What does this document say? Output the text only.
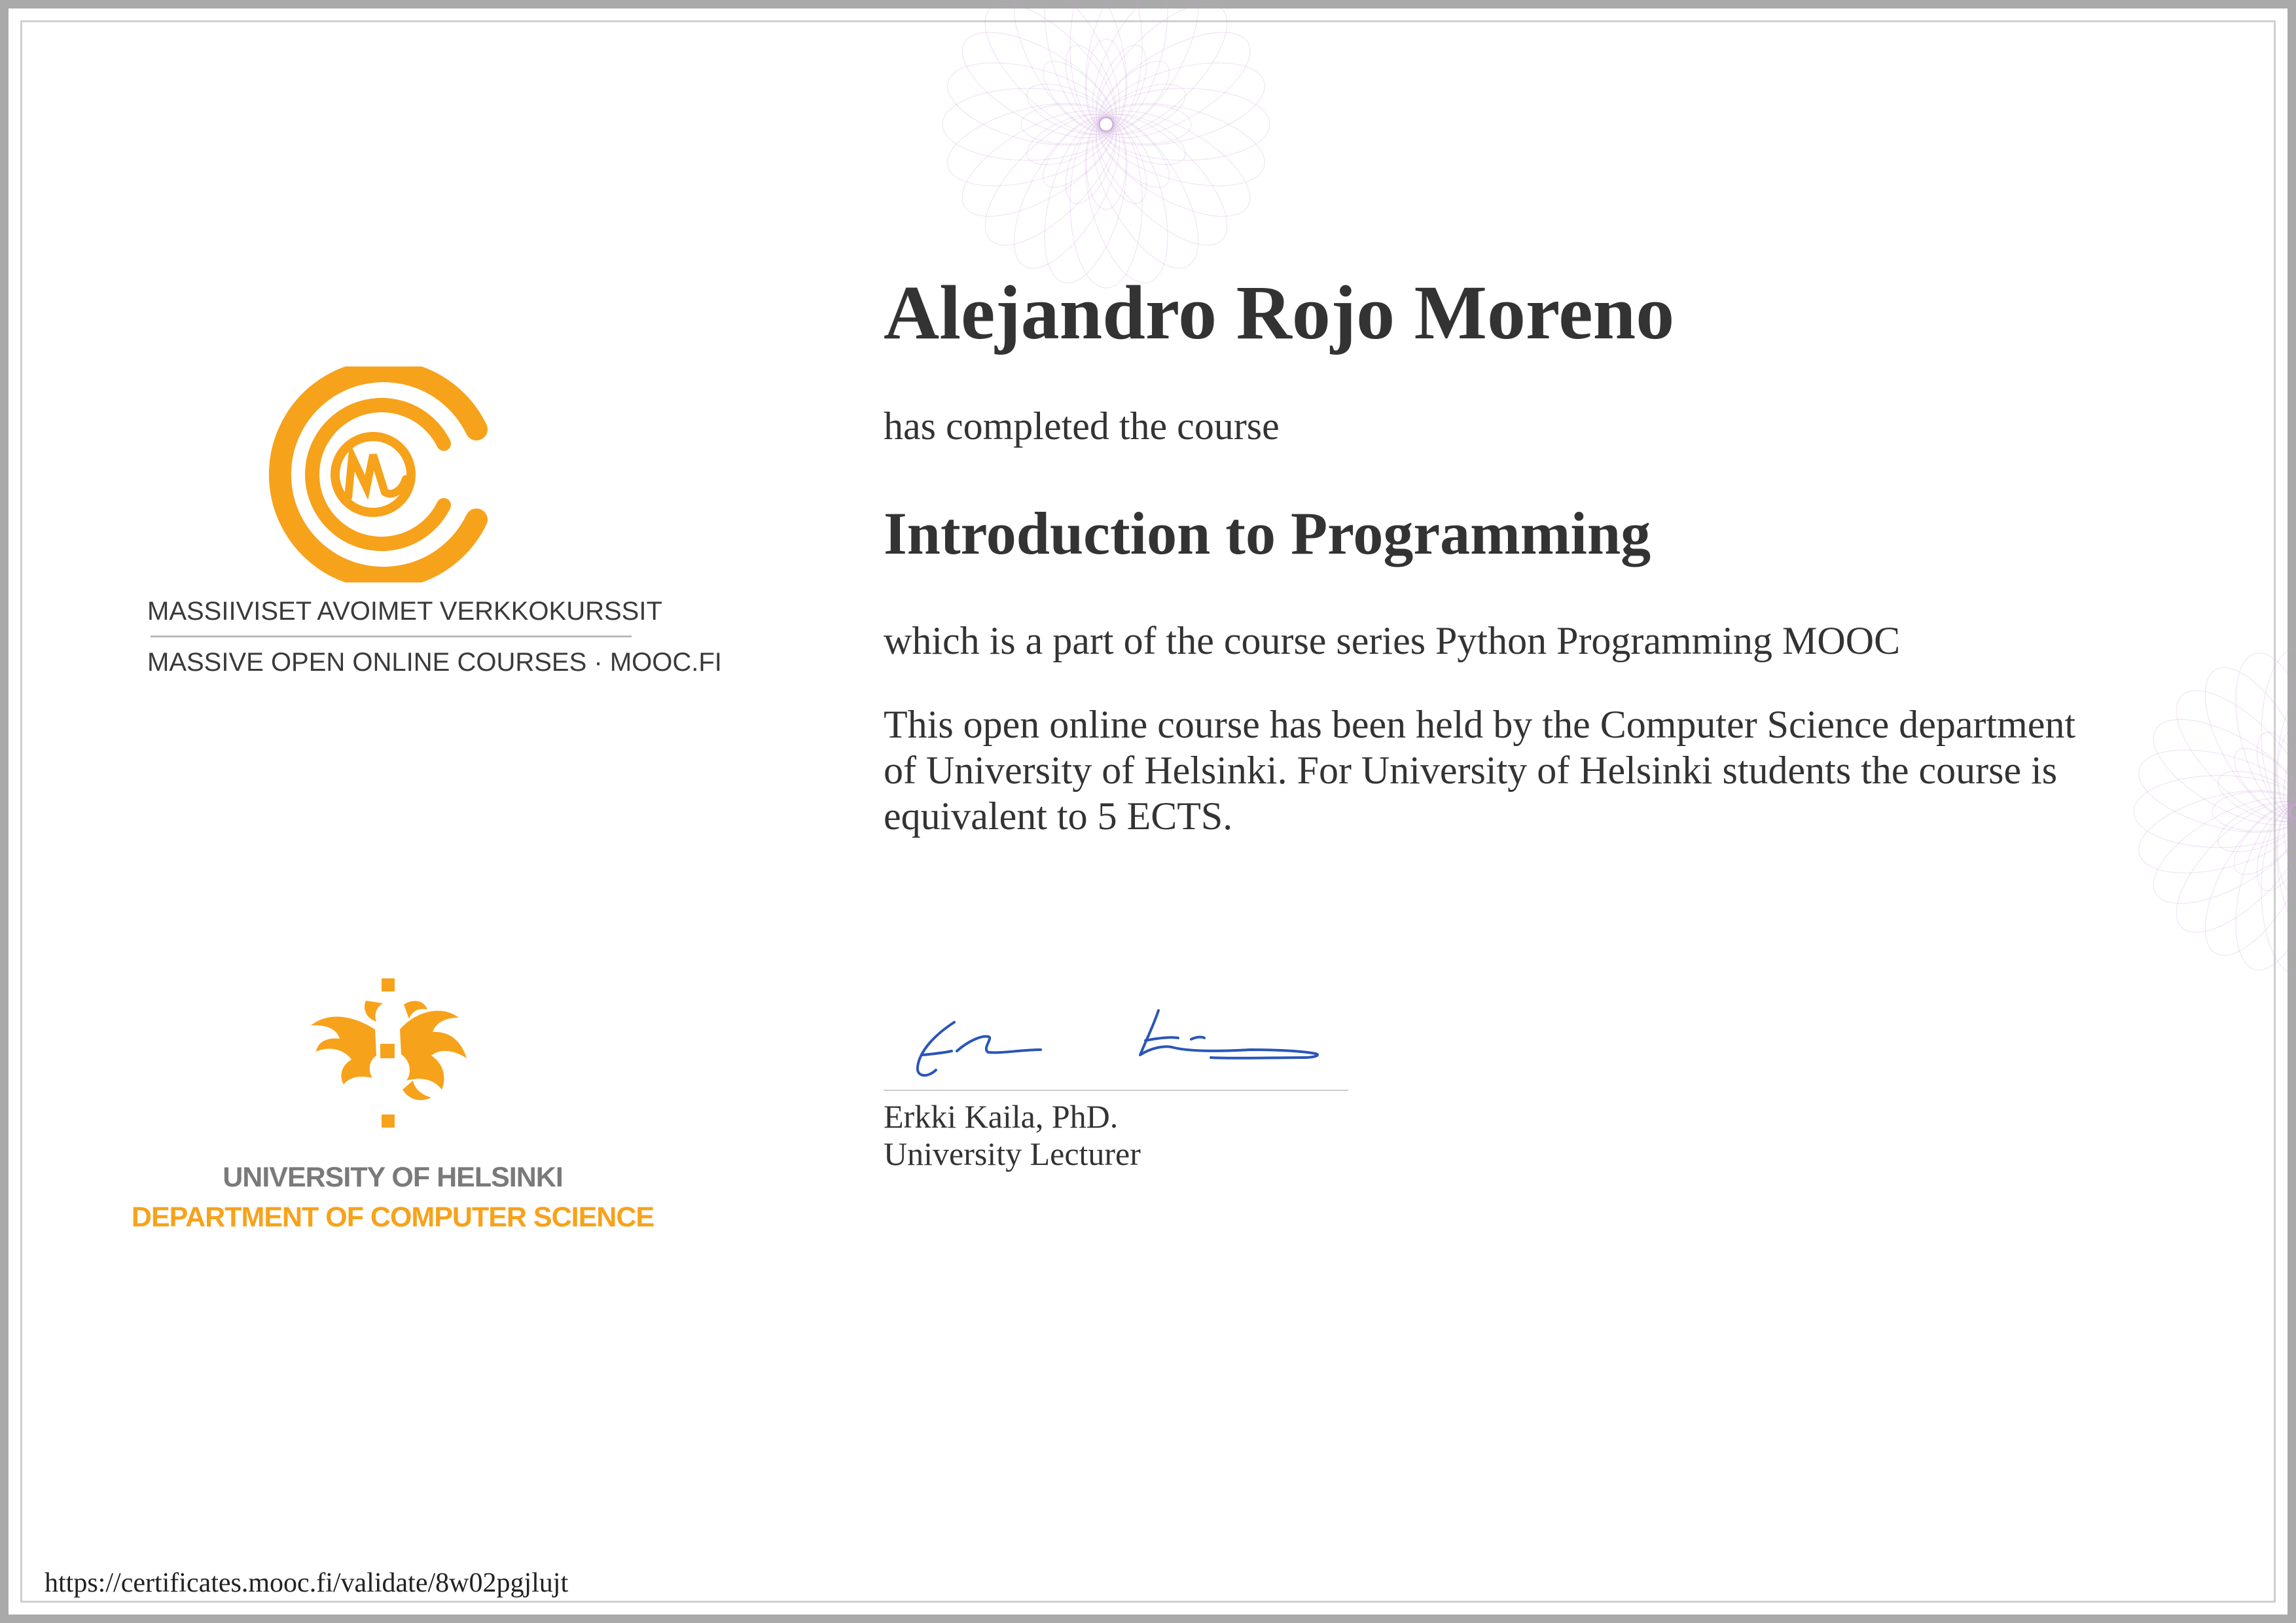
MASSIIVISET AVOIMET VERKKOKURSSIT
MASSIVE OPEN ONLINE COURSES · MOOC.FI
UNIVERSITY OF HELSINKI
DEPARTMENT OF COMPUTER SCIENCE
Alejandro Rojo Moreno
has completed the course
Introduction to Programming
which is a part of the course series Python Programming MOOC
This open online course has been held by the Computer Science department of University of Helsinki. For University of Helsinki students the course is equivalent to 5 ECTS.
Erkki Kaila, PhD.
University Lecturer
https://certificates.mooc.fi/validate/8w02pgjlujt
